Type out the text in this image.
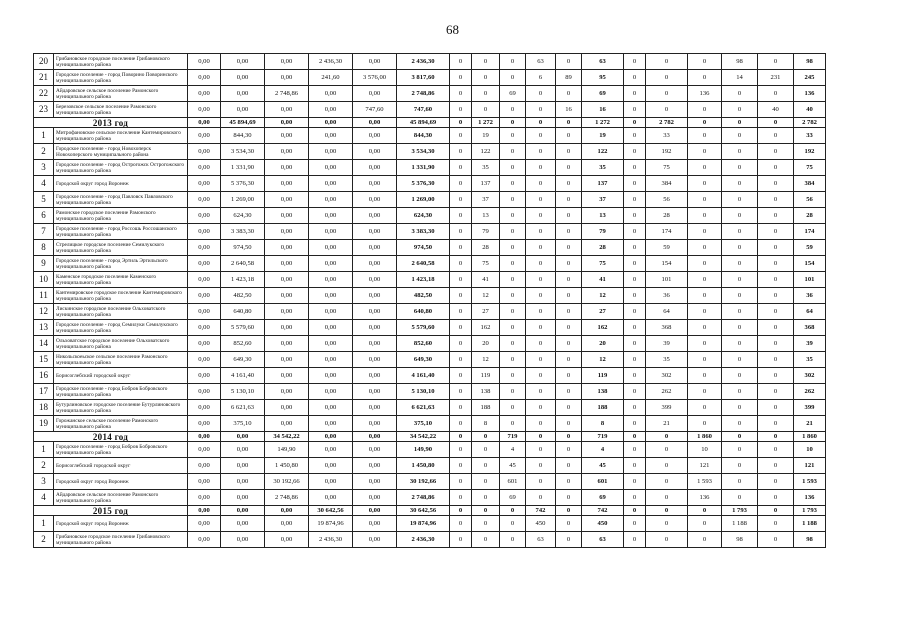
68
20	Грибановское городское поселение Грибановского муниципального района	0,00	0,00	0,00	2 436,30	0,00	2 436,30	0	0	0	63	0	63	0	0	0	98	0	98
21	Городское поселение - город Поворино Поворинского муниципального района	0,00	0,00	0,00	241,60	3 576,00	3 817,60	0	0	0	6	89	95	0	0	0	14	231	245
22	Айдаровское сельское поселение Рамонского муниципального района	0,00	0,00	2 748,86	0,00	0,00	2 748,86	0	0	69	0	0	69	0	0	136	0	0	136
23	Березовское сельское поселение Рамонского муниципального района	0,00	0,00	0,00	0,00	747,60	747,60	0	0	0	0	16	16	0	0	0	0	40	40
2013 год		0,00	45 894,69	0,00	0,00	0,00	45 894,69	0	1 272	0	0	0	1 272	0	2 782	0	0	0	2 782
1	Митрофановское сельское поселение Кантемировского муниципального района	0,00	844,30	0,00	0,00	0,00	844,30	0	19	0	0	0	19	0	33	0	0	0	33
2	Городское поселение - город Новохоперск Новохоперского муниципального района	0,00	3 534,30	0,00	0,00	0,00	3 534,30	0	122	0	0	0	122	0	192	0	0	0	192
3	Городское поселение - город Острогожск Острогожского муниципального района	0,00	1 331,90	0,00	0,00	0,00	1 331,90	0	35	0	0	0	35	0	75	0	0	0	75
4	Городской округ город Воронеж	0,00	5 376,30	0,00	0,00	0,00	5 376,30	0	137	0	0	0	137	0	384	0	0	0	384
5	Городское поселение - город Павловск Павловского муниципального района	0,00	1 269,00	0,00	0,00	0,00	1 269,00	0	37	0	0	0	37	0	56	0	0	0	56
6	Рамонское городское поселение Рамонского муниципального района	0,00	624,30	0,00	0,00	0,00	624,30	0	13	0	0	0	13	0	28	0	0	0	28
7	Городское поселение - город Россошь Россошанского муниципального района	0,00	3 383,30	0,00	0,00	0,00	3 383,30	0	79	0	0	0	79	0	174	0	0	0	174
8	Стрелицкое городское поселение Семилукского муниципального района	0,00	974,50	0,00	0,00	0,00	974,50	0	28	0	0	0	28	0	59	0	0	0	59
9	Городское поселение - город Эртиль Эртильского муниципального района	0,00	2 640,58	0,00	0,00	0,00	2 640,58	0	75	0	0	0	75	0	154	0	0	0	154
10	Каменское городское поселение Каменского муниципального района	0,00	1 423,18	0,00	0,00	0,00	1 423,18	0	41	0	0	0	41	0	101	0	0	0	101
11	Кантемировское городское поселение Кантемировского муниципального района	0,00	482,50	0,00	0,00	0,00	482,50	0	12	0	0	0	12	0	36	0	0	0	36
12	Лискинское городское поселение Ольховатского муниципального района	0,00	640,80	0,00	0,00	0,00	640,80	0	27	0	0	0	27	0	64	0	0	0	64
13	Городское поселение - город Семилуки Семилукского муниципального района	0,00	5 579,60	0,00	0,00	0,00	5 579,60	0	162	0	0	0	162	0	368	0	0	0	368
14	Ольховатское городское поселение Ольховатского муниципального района	0,00	852,60	0,00	0,00	0,00	852,60	0	20	0	0	0	20	0	39	0	0	0	39
15	Никольскоеьское сельское поселение Рамонского муниципального района	0,00	649,30	0,00	0,00	0,00	649,30	0	12	0	0	0	12	0	35	0	0	0	35
16	Борисоглебский городской округ	0,00	4 161,40	0,00	0,00	0,00	4 161,40	0	119	0	0	0	119	0	302	0	0	0	302
17	Городское поселение - город Бобров Бобровского муниципального района	0,00	5 130,10	0,00	0,00	0,00	5 130,10	0	138	0	0	0	138	0	262	0	0	0	262
18	Бутурлиновское городское поселение Бутурлиновского муниципального района	0,00	6 621,63	0,00	0,00	0,00	6 621,63	0	188	0	0	0	188	0	399	0	0	0	399
19	Горожанское сельское поселение Рамонского муниципального района	0,00	375,10	0,00	0,00	0,00	375,10	0	8	0	0	0	8	0	21	0	0	0	21
2014 год		0,00	0,00	34 542,22	0,00	0,00	34 542,22	0	0	719	0	0	719	0	0	1 860	0	0	1 860
1	Городское поселение - город Бобров Бобровского муниципального района	0,00	0,00	149,90	0,00	0,00	149,90	0	0	4	0	0	4	0	0	10	0	0	10
2	Борисоглебский городской округ	0,00	0,00	1 450,80	0,00	0,00	1 450,80	0	0	45	0	0	45	0	0	121	0	0	121
3	Городской округ город Воронеж	0,00	0,00	30 192,66	0,00	0,00	30 192,66	0	0	601	0	0	601	0	0	1 593	0	0	1 593
4	Айдаровское сельское поселение Рамонского муниципального района	0,00	0,00	2 748,86	0,00	0,00	2 748,86	0	0	69	0	0	69	0	0	136	0	0	136
2015 год		0,00	0,00	0,00	30 642,56	0,00	30 642,56	0	0	0	742	0	742	0	0	0	1 793	0	1 793
1	Городской округ город Воронеж	0,00	0,00	0,00	19 874,96	0,00	19 874,96	0	0	0	450	0	450	0	0	0	1 188	0	1 188
2	Грибановское городское поселение Грибановского муниципального района	0,00	0,00	0,00	2 436,30	0,00	2 436,30	0	0	0	63	0	63	0	0	0	98	0	98
